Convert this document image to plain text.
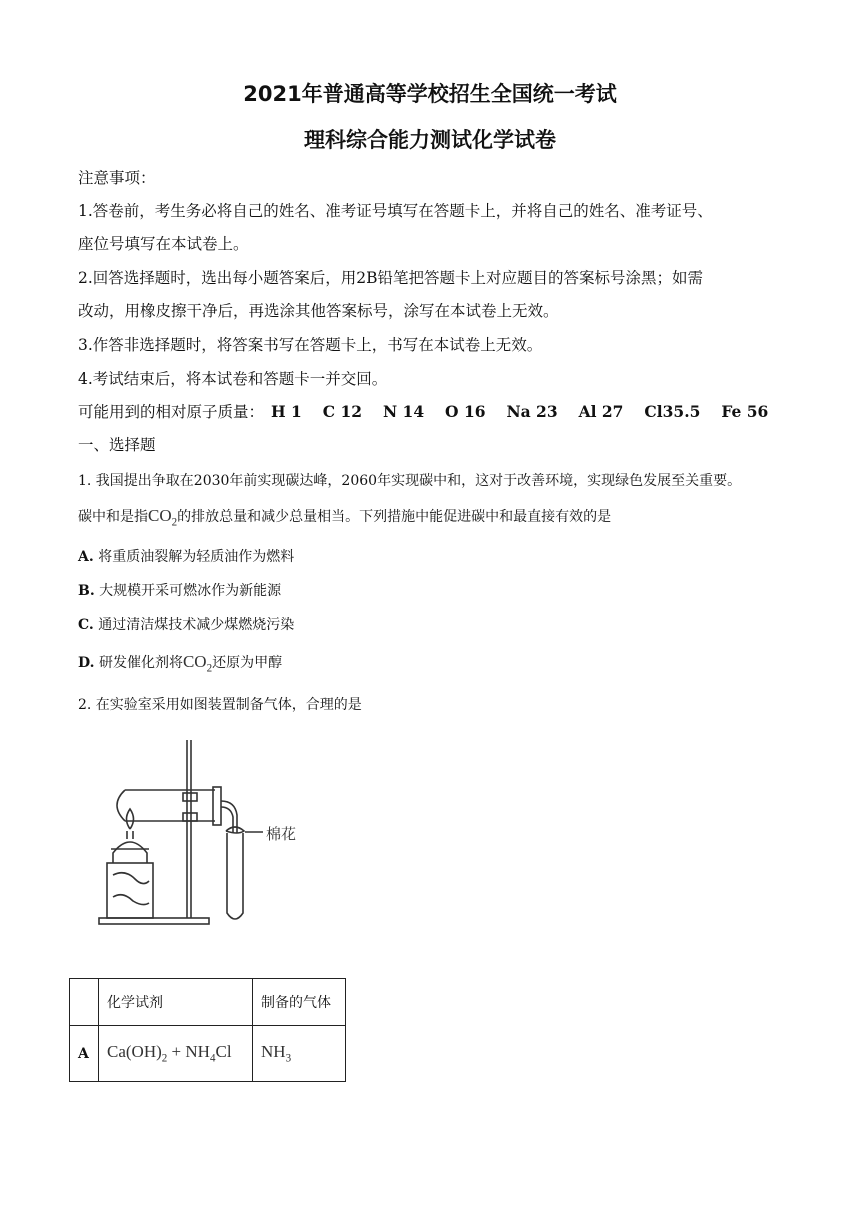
2021年普通高等学校招生全国统一考试
理科综合能力测试化学试卷
注意事项：
1.答卷前，考生务必将自己的姓名、准考证号填写在答题卡上，并将自己的姓名、准考证号、
座位号填写在本试卷上。
2.回答选择题时，选出每小题答案后，用2B铅笔把答题卡上对应题目的答案标号涂黑；如需
改动，用橡皮擦干净后，再选涂其他答案标号，涂写在本试卷上无效。
3.作答非选择题时，将答案书写在答题卡上，书写在本试卷上无效。
4.考试结束后，将本试卷和答题卡一并交回。
可能用到的相对原子质量： H 1 C 12 N 14 O 16 Na 23 Al 27 Cl35.5 Fe 56
一、选择题
1. 我国提出争取在2030年前实现碳达峰，2060年实现碳中和，这对于改善环境，实现绿色发展至关重要。
碳中和是指$CO_2$的排放总量和减少总量相当。下列措施中能促进碳中和最直接有效的是
A. 将重质油裂解为轻质油作为燃料
B. 大规模开采可燃冰作为新能源
C. 通过清洁煤技术减少煤燃烧污染
D. 研发催化剂将$CO_2$还原为甲醇
2. 在实验室采用如图装置制备气体，合理的是
棉花
	化学试剂	制备的气体
A	$Ca(OH)_2 + NH_4Cl$	$NH_3$
